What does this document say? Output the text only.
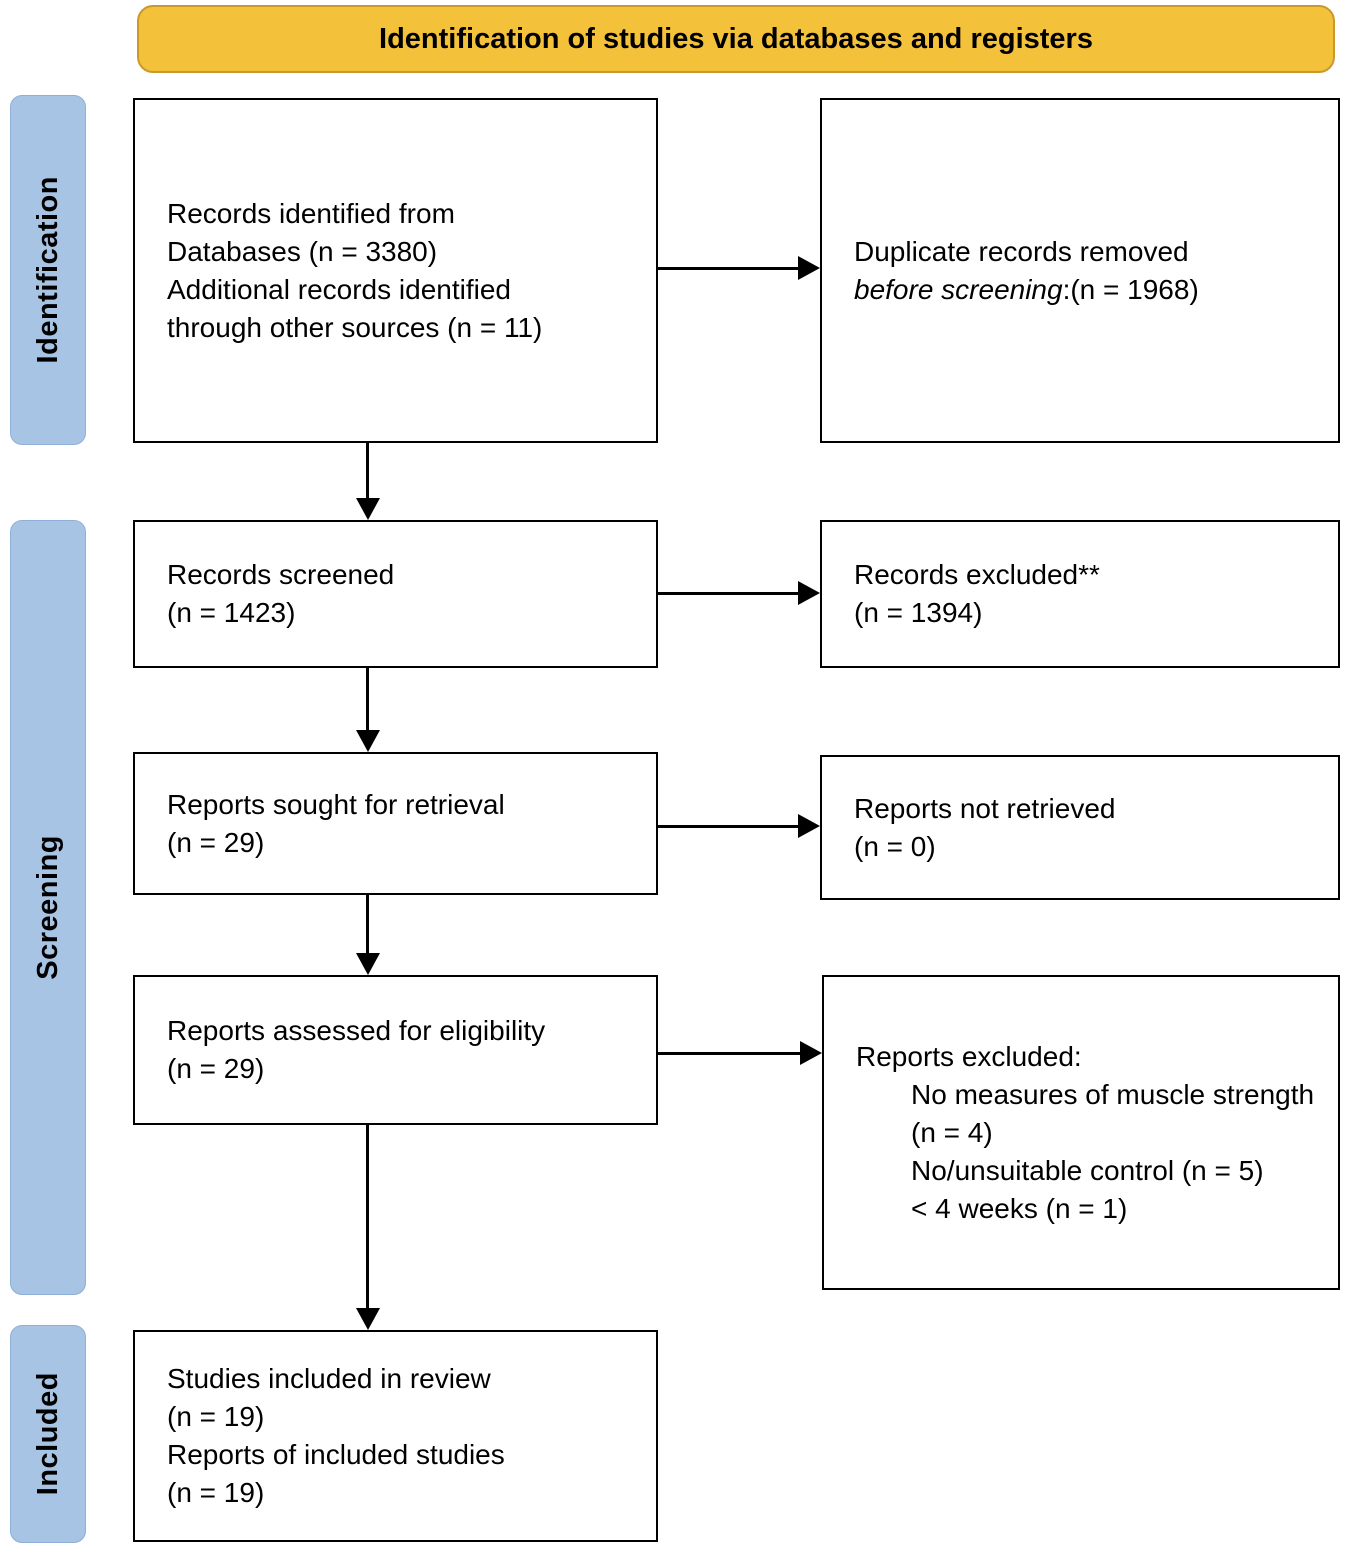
Identification of studies via databases and registers
Identification
Screening
Included
Records identified from
Databases (n = 3380)
Additional records identified
through other sources (n = 11)
Duplicate records removed
before screening:(n = 1968)
Records screened
(n = 1423)
Records excluded**
(n = 1394)
Reports sought for retrieval
(n = 29)
Reports not retrieved
(n = 0)
Reports assessed for eligibility
(n = 29)	Reports excluded:
No measures of muscle strength (n = 4)
No/unsuitable control (n = 5)
< 4 weeks (n = 1)
Studies included in review
(n = 19)
Reports of included studies
(n = 19)
